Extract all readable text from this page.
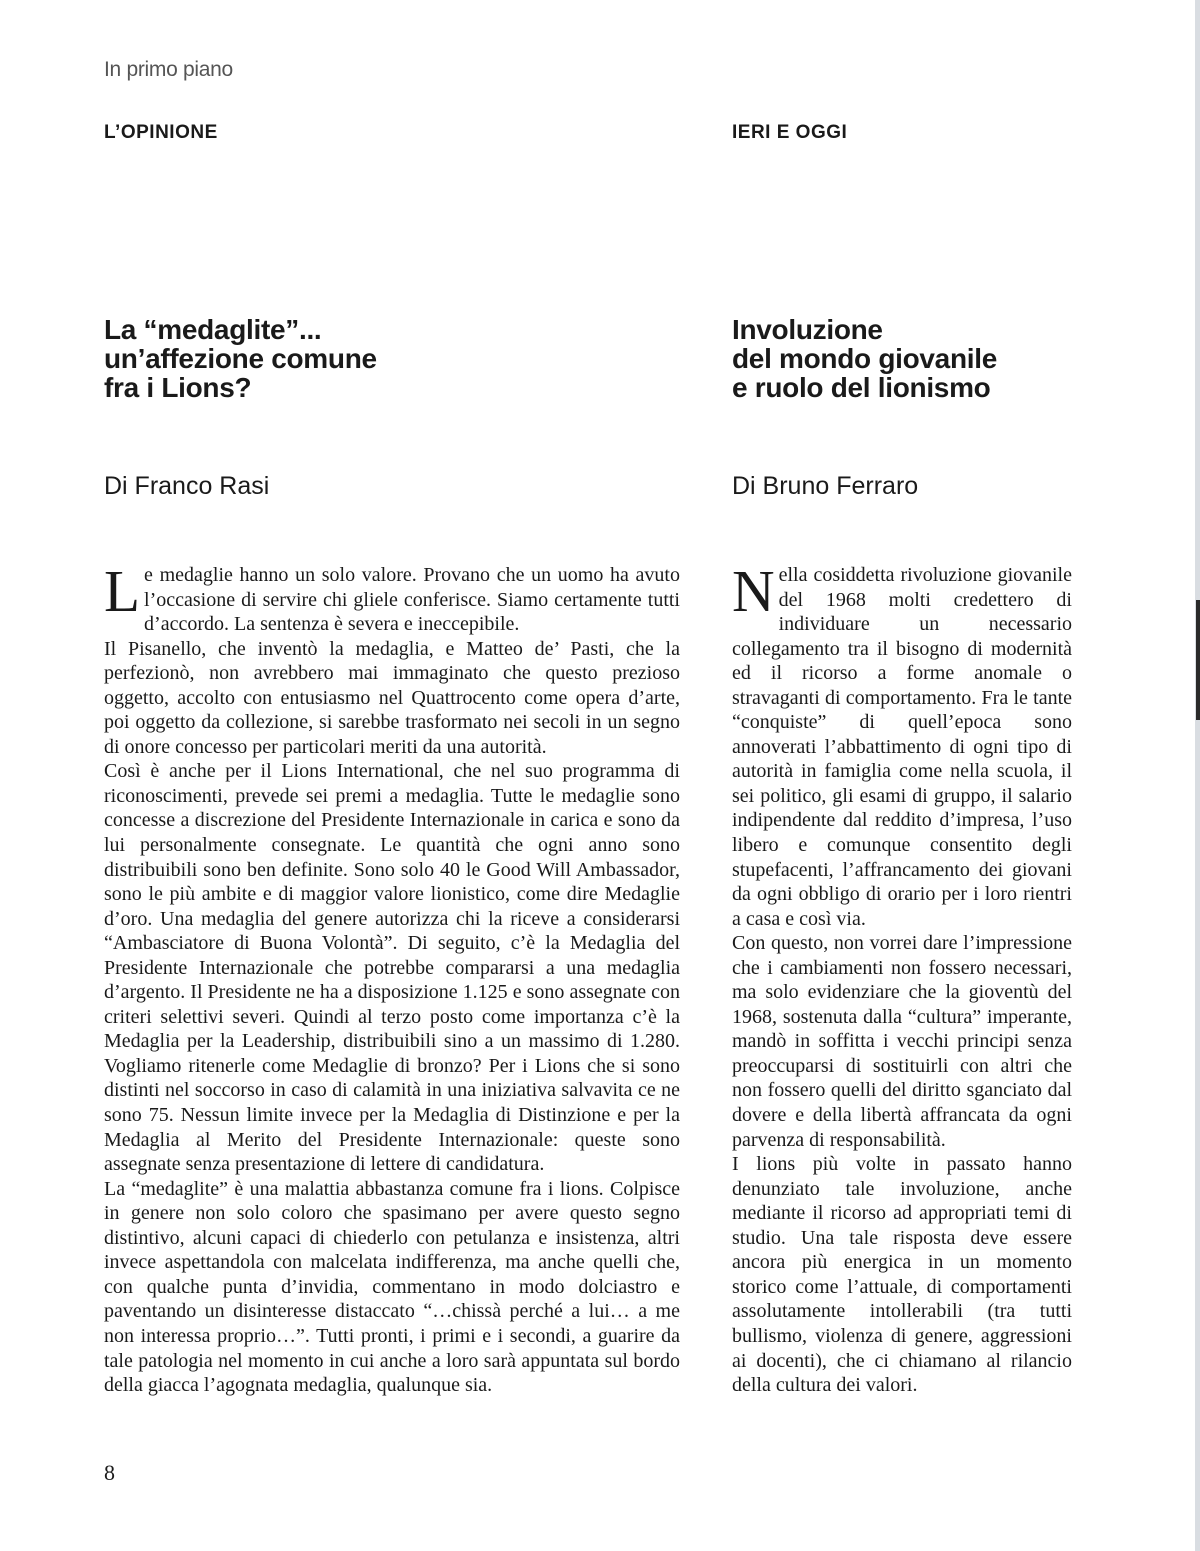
In primo piano
L’OPINIONE
La “medaglite”...
un’affezione comune
fra i Lions?
Di Franco Rasi

Le medaglie hanno un solo valore. Provano che un uomo ha avuto l’occasione di servire chi gliele conferisce. Siamo certamente tutti d’accordo. La sentenza è severa e ineccepibile.

Il Pisanello, che inventò la medaglia, e Matteo de’ Pasti, che la perfezionò, non avrebbero mai immaginato che questo prezioso oggetto, accolto con entusiasmo nel Quattrocento come opera d’arte, poi oggetto da collezione, si sarebbe trasformato nei secoli in un segno di onore concesso per particolari meriti da una autorità.

Così è anche per il Lions International, che nel suo programma di riconoscimenti, prevede sei premi a medaglia. Tutte le medaglie sono concesse a discrezione del Presidente Internazionale in carica e sono da lui personalmente consegnate. Le quantità che ogni anno sono distribuibili sono ben definite. Sono solo 40 le Good Will Ambassador, sono le più ambite e di maggior valore lionistico, come dire Medaglie d’oro. Una medaglia del genere autorizza chi la riceve a considerarsi “Ambasciatore di Buona Volontà”. Di seguito, c’è la Medaglia del Presidente Internazionale che potrebbe compararsi a una medaglia d’argento. Il Presidente ne ha a disposizione 1.125 e sono assegnate con criteri selettivi severi. Quindi al terzo posto come importanza c’è la Medaglia per la Leadership, distribuibili sino a un massimo di 1.280. Vogliamo ritenerle come Medaglie di bronzo? Per i Lions che si sono distinti nel soccorso in caso di calamità in una iniziativa salvavita ce ne sono 75. Nessun limite invece per la Medaglia di Distinzione e per la Medaglia al Merito del Presidente Internazionale: queste sono assegnate senza presentazione di lettere di candidatura.

La “medaglite” è una malattia abbastanza comune fra i lions. Colpisce in genere non solo coloro che spasimano per avere questo segno distintivo, alcuni capaci di chiederlo con petulanza e insistenza, altri invece aspettandola con malcelata indifferenza, ma anche quelli che, con qualche punta d’invidia, commentano in modo dolciastro e paventando un disinteresse distaccato “…chissà perché a lui… a me non interessa proprio…”. Tutti pronti, i primi e i secondi, a guarire da tale patologia nel momento in cui anche a loro sarà appuntata sul bordo della giacca l’agognata medaglia, qualunque sia.

IERI E OGGI
Involuzione
del mondo giovanile
e ruolo del lionismo
Di Bruno Ferraro

Nella cosiddetta rivoluzione giovanile del 1968 molti credettero di individuare un necessario collegamento tra il bisogno di modernità ed il ricorso a forme anomale o stravaganti di comportamento. Fra le tante “conquiste” di quell’epoca sono annoverati l’abbattimento di ogni tipo di autorità in famiglia come nella scuola, il sei politico, gli esami di gruppo, il salario indipendente dal reddito d’impresa, l’uso libero e comunque consentito degli stupefacenti, l’affrancamento dei giovani da ogni obbligo di orario per i loro rientri a casa e così via.

Con questo, non vorrei dare l’impressione che i cambiamenti non fossero necessari, ma solo evidenziare che la gioventù del 1968, sostenuta dalla “cultura” imperante, mandò in soffitta i vecchi principi senza preoccuparsi di sostituirli con altri che non fossero quelli del diritto sganciato dal dovere e della libertà affrancata da ogni parvenza di responsabilità.

I lions più volte in passato hanno denunziato tale involuzione, anche mediante il ricorso ad appropriati temi di studio. Una tale risposta deve essere ancora più energica in un momento storico come l’attuale, di comportamenti assolutamente intollerabili (tra tutti bullismo, violenza di genere, aggressioni ai docenti), che ci chiamano al rilancio della cultura dei valori.

8
